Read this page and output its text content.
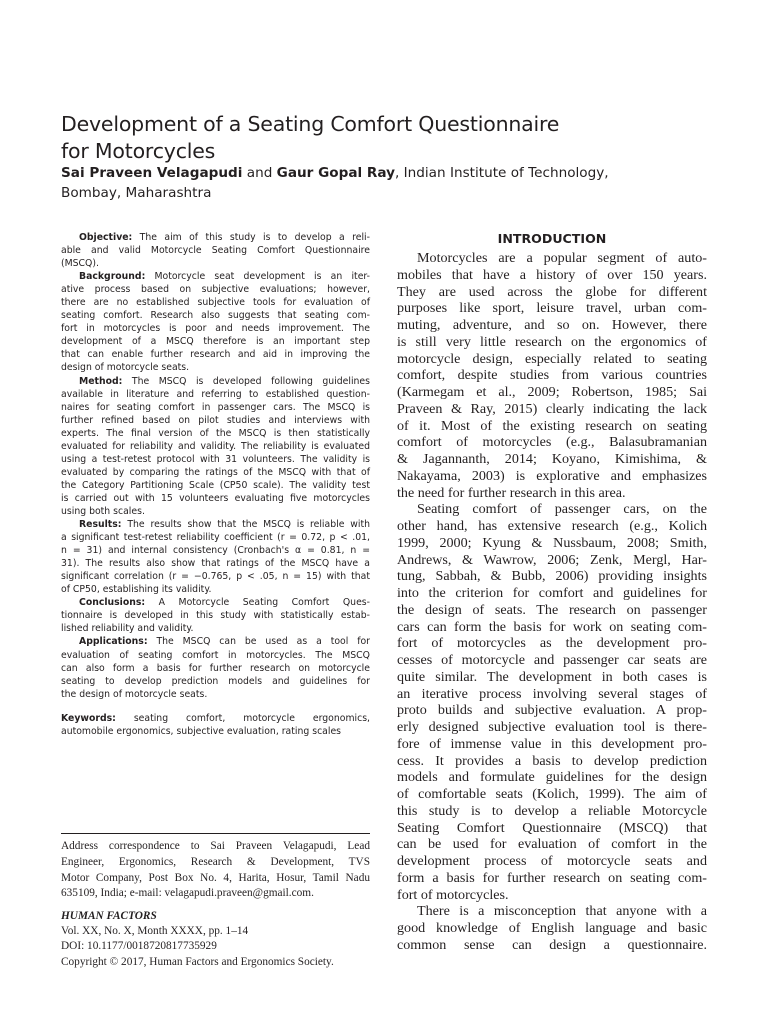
Development of a Seating Comfort Questionnaire
for Motorcycles
Sai Praveen Velagapudi and Gaur Gopal Ray, Indian Institute of Technology,
Bombay, Maharashtra
Objective: The aim of this study is to develop a reli-
able and valid Motorcycle Seating Comfort Questionnaire
(MSCQ).
Background: Motorcycle seat development is an iter-
ative process based on subjective evaluations; however,
there are no established subjective tools for evaluation of
seating comfort. Research also suggests that seating com-
fort in motorcycles is poor and needs improvement. The
development of a MSCQ therefore is an important step
that can enable further research and aid in improving the
design of motorcycle seats.
Method: The MSCQ is developed following guidelines
available in literature and referring to established question-
naires for seating comfort in passenger cars. The MSCQ is
further refined based on pilot studies and interviews with
experts. The final version of the MSCQ is then statistically
evaluated for reliability and validity. The reliability is evaluated
using a test-retest protocol with 31 volunteers. The validity is
evaluated by comparing the ratings of the MSCQ with that of
the Category Partitioning Scale (CP50 scale). The validity test
is carried out with 15 volunteers evaluating five motorcycles
using both scales.
Results: The results show that the MSCQ is reliable with
a significant test-retest reliability coefficient (r = 0.72, p < .01,
n = 31) and internal consistency (Cronbach's α = 0.81, n =
31). The results also show that ratings of the MSCQ have a
significant correlation (r = −0.765, p < .05, n = 15) with that
of CP50, establishing its validity.
Conclusions: A Motorcycle Seating Comfort Ques-
tionnaire is developed in this study with statistically estab-
lished reliability and validity.
Applications: The MSCQ can be used as a tool for
evaluation of seating comfort in motorcycles. The MSCQ
can also form a basis for further research on motorcycle
seating to develop prediction models and guidelines for
the design of motorcycle seats.
Keywords: seating comfort, motorcycle ergonomics,
automobile ergonomics, subjective evaluation, rating scales
Address correspondence to Sai Praveen Velagapudi, Lead
Engineer, Ergonomics, Research & Development, TVS
Motor Company, Post Box No. 4, Harita, Hosur, Tamil Nadu
635109, India; e-mail: velagapudi.praveen@gmail.com.
HUMAN FACTORS
Vol. XX, No. X, Month XXXX, pp. 1–14
DOI: 10.1177/0018720817735929
Copyright © 2017, Human Factors and Ergonomics Society.
INTRODUCTION
Motorcycles are a popular segment of auto-
mobiles that have a history of over 150 years.
They are used across the globe for different
purposes like sport, leisure travel, urban com-
muting, adventure, and so on. However, there
is still very little research on the ergonomics of
motorcycle design, especially related to seating
comfort, despite studies from various countries
(Karmegam et al., 2009; Robertson, 1985; Sai
Praveen & Ray, 2015) clearly indicating the lack
of it. Most of the existing research on seating
comfort of motorcycles (e.g., Balasubramanian
& Jagannanth, 2014; Koyano, Kimishima, &
Nakayama, 2003) is explorative and emphasizes
the need for further research in this area.
Seating comfort of passenger cars, on the
other hand, has extensive research (e.g., Kolich
1999, 2000; Kyung & Nussbaum, 2008; Smith,
Andrews, & Wawrow, 2006; Zenk, Mergl, Har-
tung, Sabbah, & Bubb, 2006) providing insights
into the criterion for comfort and guidelines for
the design of seats. The research on passenger
cars can form the basis for work on seating com-
fort of motorcycles as the development pro-
cesses of motorcycle and passenger car seats are
quite similar. The development in both cases is
an iterative process involving several stages of
proto builds and subjective evaluation. A prop-
erly designed subjective evaluation tool is there-
fore of immense value in this development pro-
cess. It provides a basis to develop prediction
models and formulate guidelines for the design
of comfortable seats (Kolich, 1999). The aim of
this study is to develop a reliable Motorcycle
Seating Comfort Questionnaire (MSCQ) that
can be used for evaluation of comfort in the
development process of motorcycle seats and
form a basis for further research on seating com-
fort of motorcycles.
There is a misconception that anyone with a
good knowledge of English language and basic
common sense can design a questionnaire.
